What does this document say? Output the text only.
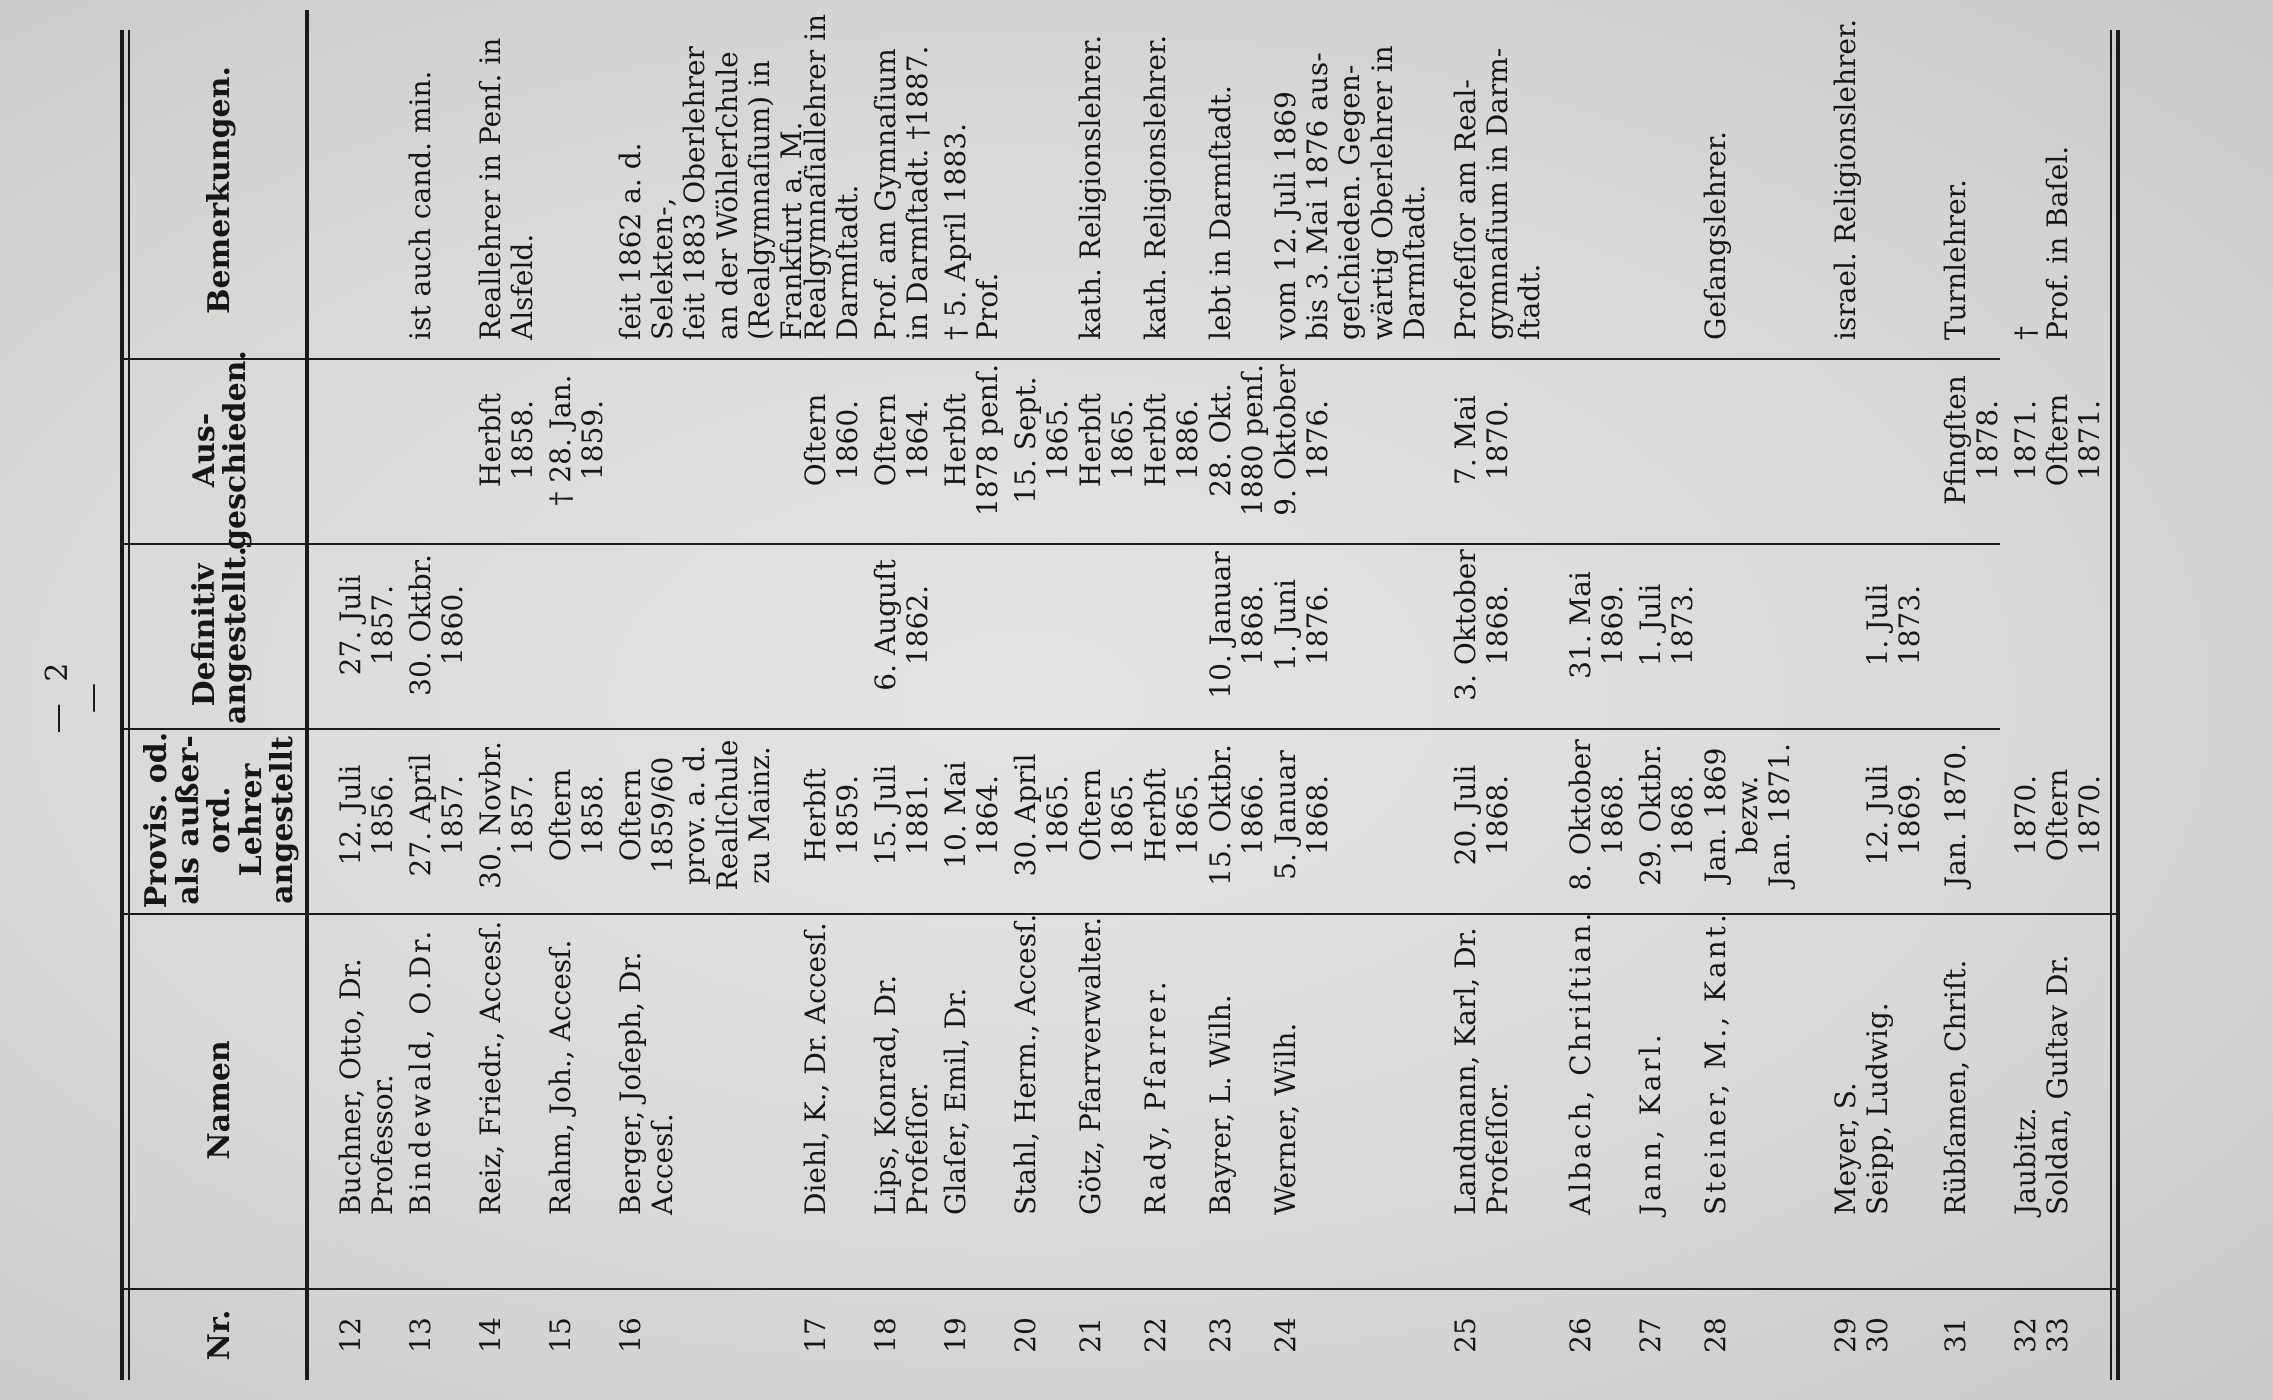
— 2 —
Nr.
Namen
Provis. od.
als außer-
ord. Lehrer
angestellt
Definitiv
angestellt.
Aus-
geschieden.
Bemerkungen.
12
Buchner, Otto, Dr.
Professor.
12. Juli
1856.
27. Juli
1857.
13
Bindewald, O.Dr.
27. April
1857.
30. Oktbr.
1860.
ist auch cand. min.
14
Reiz, Friedr., Accesſ.
30. Novbr.
1857.
Herbſt
1858.
Reallehrer in Penſ. in
Alsfeld.
15
Rahm, Joh., Accesſ.
Oſtern
1858.
† 28. Jan.
1859.
16
Berger, Joſeph, Dr.
Accesſ.
Oſtern
1859/60
prov. a. d.
Realſchule
zu Mainz.
ſeit 1862 a. d. Selekten-,
ſeit 1883 Oberlehrer
an der Wöhlerſchule
(Realgymnaſium) in
Frankfurt a. M.
17
Diehl, K., Dr. Accesſ.
Herbſt
1859.
Oſtern
1860.
Realgymnaſiallehrer in
Darmſtadt.
18
Lips, Konrad, Dr.
Profeſſor.
15. Juli
1881.
6. Auguſt
1862.
Oſtern
1864.
Prof. am Gymnaſium
in Darmſtadt. †1887.
19
Glaſer, Emil, Dr.
10. Mai
1864.
Herbſt
1878 penſ.
† 5. April 1883.
Prof.
20
Stahl, Herm., Accesſ.
30. April
1865.
15. Sept.
1865.
21
Götz, Pfarrverwalter.
Oſtern
1865.
Herbſt
1865.
kath. Religionslehrer.
22
Rady, Pfarrer.
Herbſt
1865.
Herbſt
1886.
kath. Religionslehrer.
23
Bayrer, L. Wilh.
15. Oktbr.
1866.
10. Januar
1868.
28. Okt.
1880 penſ.
lebt in Darmſtadt.
24
Werner, Wilh.
5. Januar
1868.
1. Juni
1876.
9. Oktober
1876.
vom 12. Juli 1869
bis 3. Mai 1876 aus-
geſchieden. Gegen-
wärtig Oberlehrer in
Darmſtadt.
25
Landmann, Karl, Dr.
Profeſſor.
20. Juli
1868.
3. Oktober
1868.
7. Mai
1870.
Profeſſor am Real-
gymnaſium in Darm-
ſtadt.
26
Albach, Chriſtian.
8. Oktober
1868.
31. Mai
1869.
27
Jann, Karl.
29. Oktbr.
1868.
1. Juli
1873.
28
Steiner, M., Kant.
Jan. 1869
bezw.
Jan. 1871.
Geſangslehrer.
29
30
Meyer, S.
Seipp, Ludwig.

12. Juli
1869.

1. Juli
1873.
israel. Religionslehrer.
31
Rübſamen, Chriſt.
Jan. 1870.
Pfingſten
1878.
Turnlehrer.
32
33
Jaubitz.
Soldan, Guſtav Dr.
1870.
Oſtern
1870.
1871.
Oſtern
1871.
†
Prof. in Baſel.
